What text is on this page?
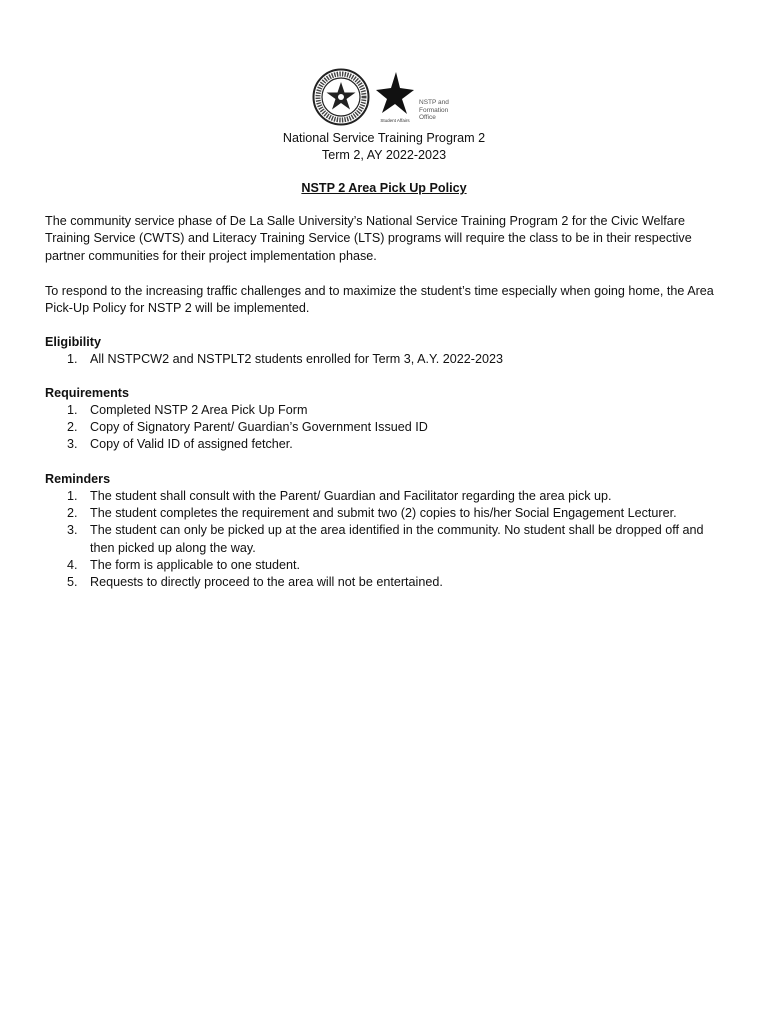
Student Affairs
NSTP and
Formation
Office
National Service Training Program 2
Term 2, AY 2022-2023
NSTP 2 Area Pick Up Policy
The community service phase of De La Salle University’s National Service Training Program 2 for the Civic Welfare Training Service (CWTS) and Literacy Training Service (LTS) programs will require the class to be in their respective partner communities for their project implementation phase.
To respond to the increasing traffic challenges and to maximize the student’s time especially when going home, the Area Pick-Up Policy for NSTP 2 will be implemented.
Eligibility
1. All NSTPCW2 and NSTPLT2 students enrolled for Term 3, A.Y. 2022-2023
Requirements
1. Completed NSTP 2 Area Pick Up Form
2. Copy of Signatory Parent/ Guardian’s Government Issued ID
3. Copy of Valid ID of assigned fetcher.
Reminders
1. The student shall consult with the Parent/ Guardian and Facilitator regarding the area pick up.
2. The student completes the requirement and submit two (2) copies to his/her Social Engagement Lecturer.
3. The student can only be picked up at the area identified in the community. No student shall be dropped off and then picked up along the way.
4. The form is applicable to one student.
5. Requests to directly proceed to the area will not be entertained.
